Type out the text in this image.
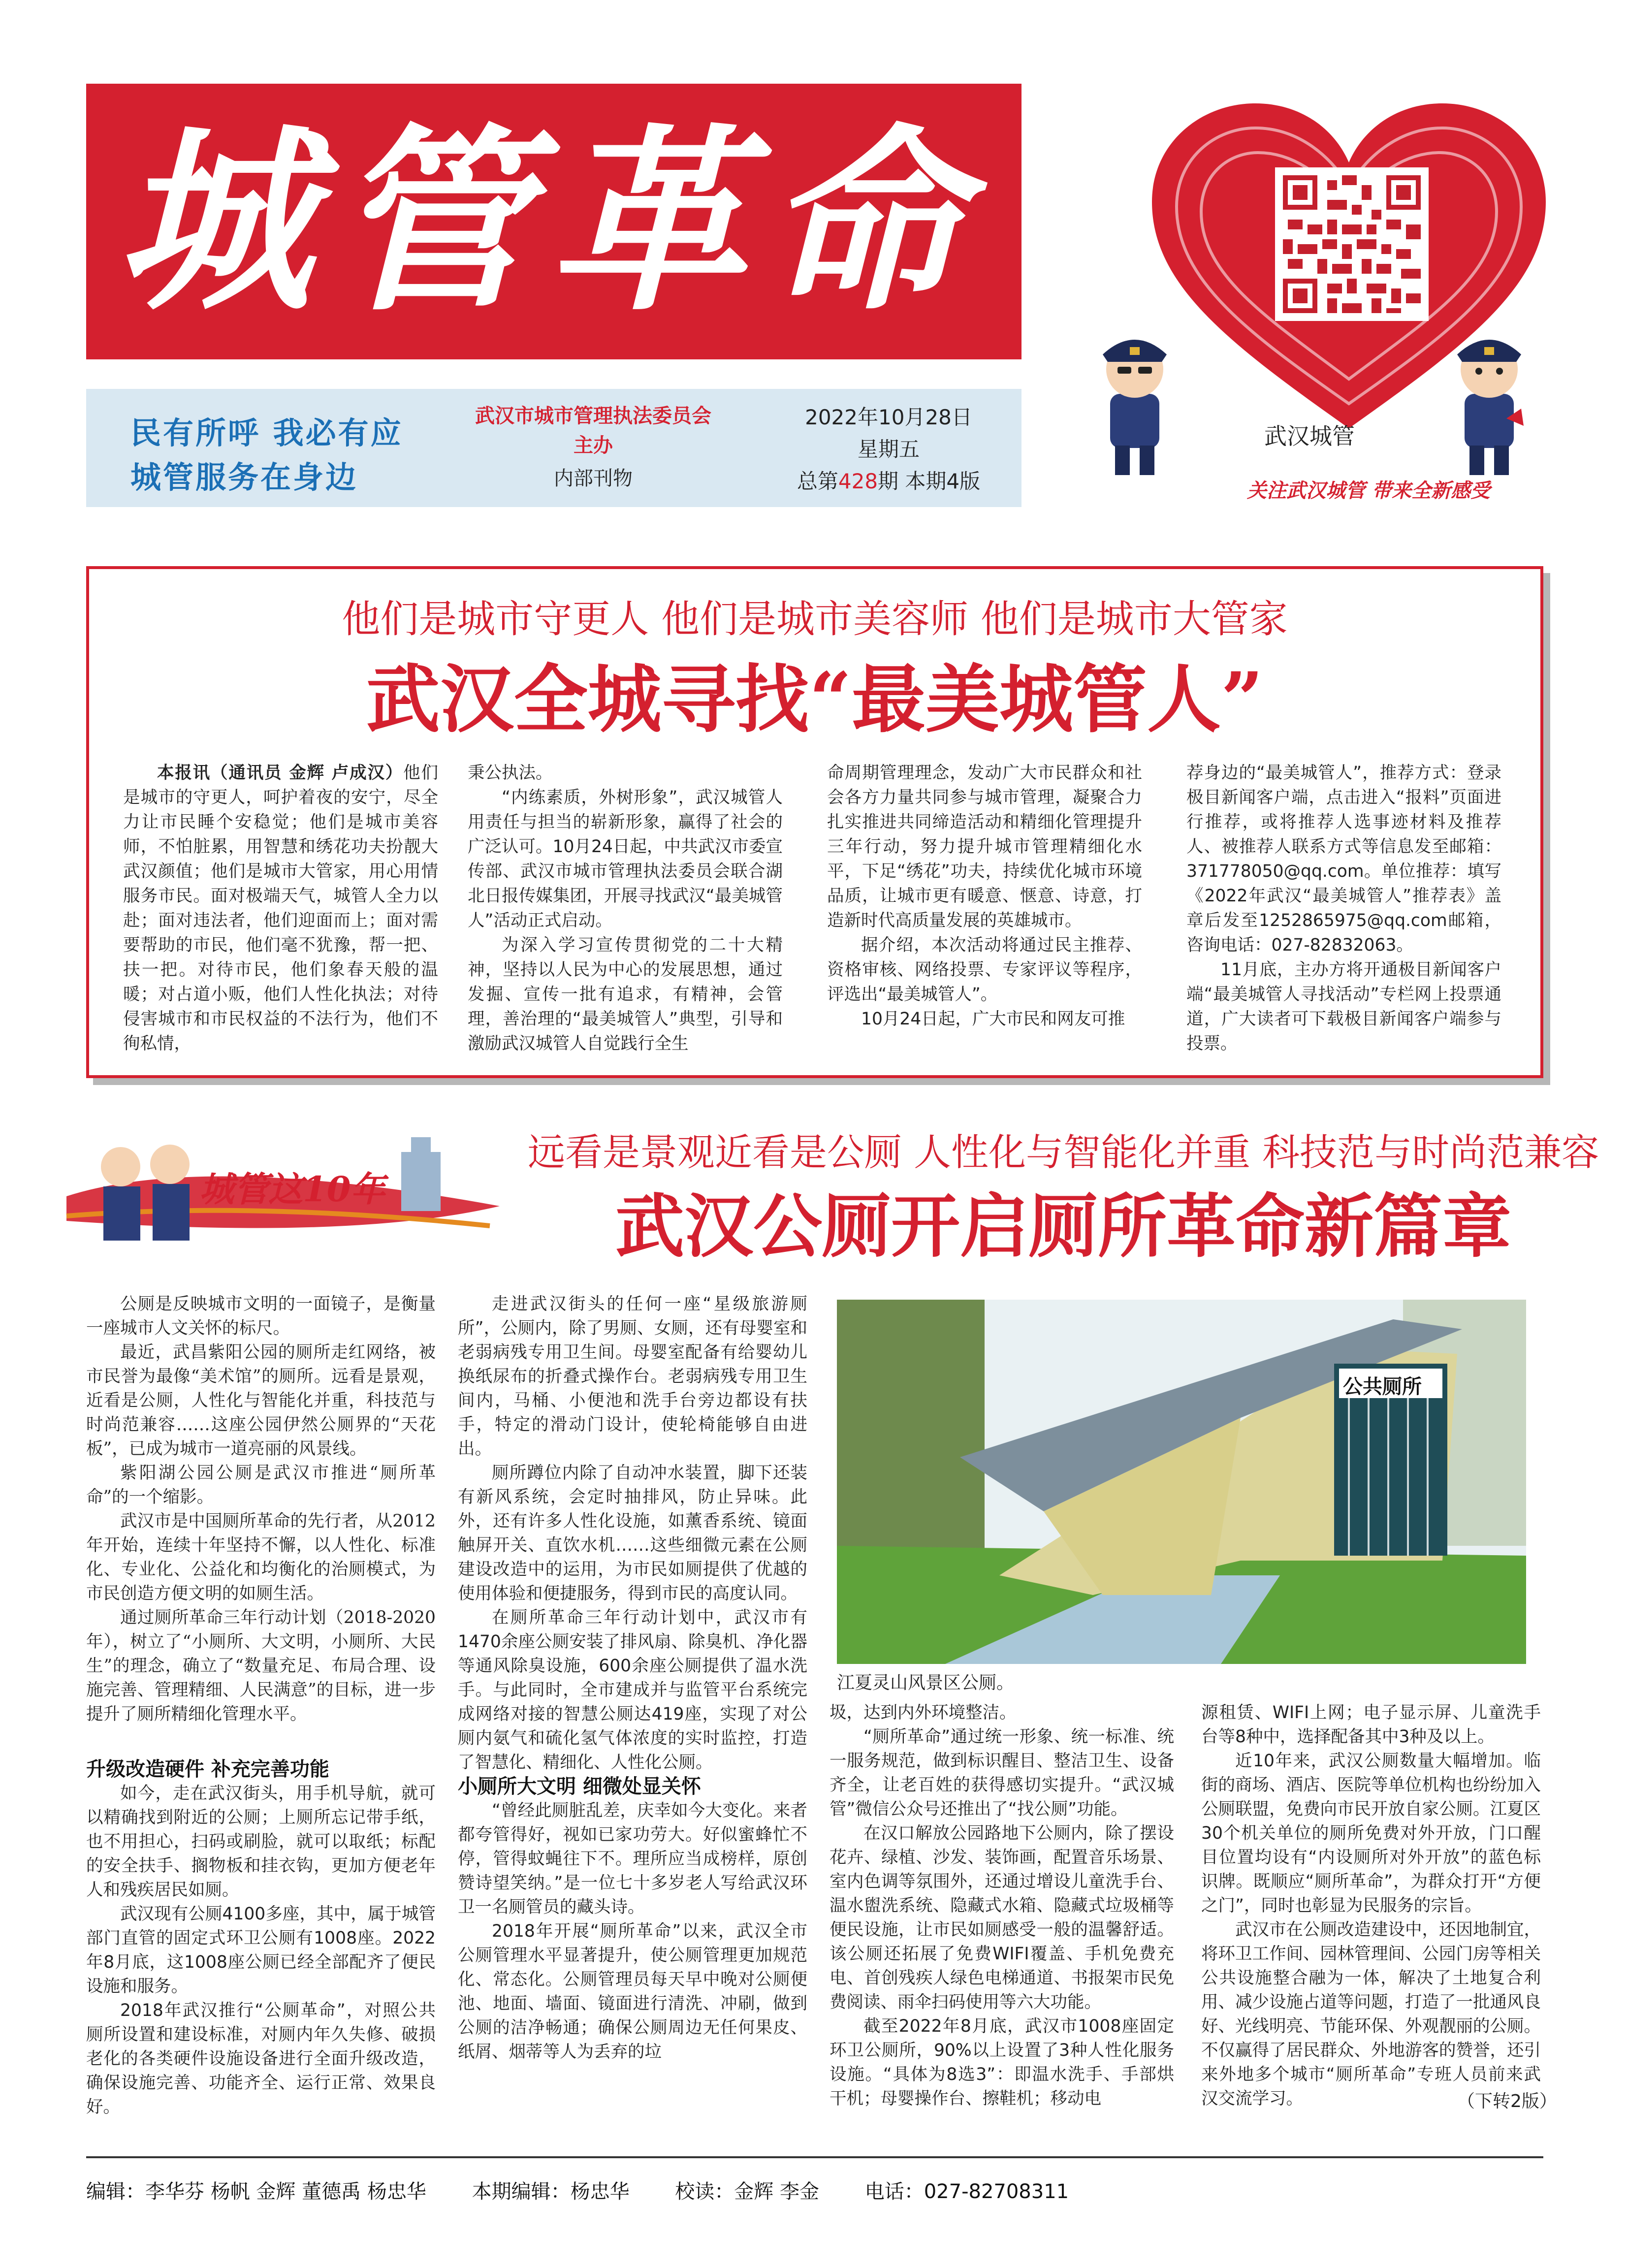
城管革命
民有所呼 我必有应
城管服务在身边
武汉市城市管理执法委员会
主办
内部刊物
2022年10月28日
星期五
总第428期 本期4版
武汉城管
关注武汉城管 带来全新感受
他们是城市守更人 他们是城市美容师 他们是城市大管家
武汉全城寻找“最美城管人”

本报讯（通讯员 金辉 卢成汉）他们是城市的守更人，呵护着夜的安宁，尽全力让市民睡个安稳觉；他们是城市美容师，不怕脏累，用智慧和绣花功夫扮靓大武汉颜值；他们是城市大管家，用心用情服务市民。面对极端天气，城管人全力以赴；面对违法者，他们迎面而上；面对需要帮助的市民，他们毫不犹豫，帮一把、扶一把。对待市民，他们象春天般的温暖；对占道小贩，他们人性化执法；对待侵害城市和市民权益的不法行为，他们不徇私情，

秉公执法。

“内练素质，外树形象”，武汉城管人用责任与担当的崭新形象，赢得了社会的广泛认可。10月24日起，中共武汉市委宣传部、武汉市城市管理执法委员会联合湖北日报传媒集团，开展寻找武汉“最美城管人”活动正式启动。

为深入学习宣传贯彻党的二十大精神，坚持以人民为中心的发展思想，通过发掘、宣传一批有追求，有精神，会管理，善治理的“最美城管人”典型，引导和激励武汉城管人自觉践行全生

命周期管理理念，发动广大市民群众和社会各方力量共同参与城市管理，凝聚合力扎实推进共同缔造活动和精细化管理提升三年行动，努力提升城市管理精细化水平，下足“绣花”功夫，持续优化城市环境品质，让城市更有暖意、惬意、诗意，打造新时代高质量发展的英雄城市。

据介绍，本次活动将通过民主推荐、资格审核、网络投票、专家评议等程序，评选出“最美城管人”。

10月24日起，广大市民和网友可推

荐身边的“最美城管人”，推荐方式：登录极目新闻客户端，点击进入“报料”页面进行推荐，或将推荐人选事迹材料及推荐人、被推荐人联系方式等信息发至邮箱：371778050@qq.com。单位推荐：填写《2022年武汉“最美城管人”推荐表》盖章后发至1252865975@qq.com邮箱，咨询电话：027-82832063。

11月底，主办方将开通极目新闻客户端“最美城管人寻找活动”专栏网上投票通道，广大读者可下载极目新闻客户端参与投票。

城管这10年
远看是景观近看是公厕 人性化与智能化并重 科技范与时尚范兼容
武汉公厕开启厕所革命新篇章

公厕是反映城市文明的一面镜子，是衡量一座城市人文关怀的标尺。

最近，武昌紫阳公园的厕所走红网络，被市民誉为最像“美术馆”的厕所。远看是景观，近看是公厕，人性化与智能化并重，科技范与时尚范兼容……这座公园伊然公厕界的“天花板”，已成为城市一道亮丽的风景线。

紫阳湖公园公厕是武汉市推进“厕所革命”的一个缩影。

武汉市是中国厕所革命的先行者，从2012年开始，连续十年坚持不懈，以人性化、标准化、专业化、公益化和均衡化的治厕模式，为市民创造方便文明的如厕生活。

通过厕所革命三年行动计划（2018-2020年），树立了“小厕所、大文明，小厕所、大民生”的理念，确立了“数量充足、布局合理、设施完善、管理精细、人民满意”的目标，进一步提升了厕所精细化管理水平。

升级改造硬件 补充完善功能

如今，走在武汉街头，用手机导航，就可以精确找到附近的公厕；上厕所忘记带手纸，也不用担心，扫码或刷脸，就可以取纸；标配的安全扶手、搁物板和挂衣钩，更加方便老年人和残疾居民如厕。

武汉现有公厕4100多座，其中，属于城管部门直管的固定式环卫公厕有1008座。2022年8月底，这1008座公厕已经全部配齐了便民设施和服务。

2018年武汉推行“公厕革命”，对照公共厕所设置和建设标准，对厕内年久失修、破损老化的各类硬件设施设备进行全面升级改造，确保设施完善、功能齐全、运行正常、效果良好。

走进武汉街头的任何一座“星级旅游厕所”，公厕内，除了男厕、女厕，还有母婴室和老弱病残专用卫生间。母婴室配备有给婴幼儿换纸尿布的折叠式操作台。老弱病残专用卫生间内，马桶、小便池和洗手台旁边都设有扶手，特定的滑动门设计，使轮椅能够自由进出。

厕所蹲位内除了自动冲水装置，脚下还装有新风系统，会定时抽排风，防止异味。此外，还有许多人性化设施，如薰香系统、镜面触屏开关、直饮水机……这些细微元素在公厕建设改造中的运用，为市民如厕提供了优越的使用体验和便捷服务，得到市民的高度认同。

在厕所革命三年行动计划中，武汉市有1470余座公厕安装了排风扇、除臭机、净化器等通风除臭设施，600余座公厕提供了温水洗手。与此同时，全市建成并与监管平台系统完成网络对接的智慧公厕达419座，实现了对公厕内氨气和硫化氢气体浓度的实时监控，打造了智慧化、精细化、人性化公厕。

小厕所大文明 细微处显关怀

“曾经此厕脏乱差，庆幸如今大变化。来者都夸管得好，视如已家功劳大。好似蜜蜂忙不停，管得蚊蝇往下不。理所应当成榜样，原创赞诗望笑纳。”是一位七十多岁老人写给武汉环卫一名厕管员的藏头诗。

2018年开展“厕所革命”以来，武汉全市公厕管理水平显著提升，使公厕管理更加规范化、常态化。公厕管理员每天早中晚对公厕便池、地面、墙面、镜面进行清洗、冲刷，做到公厕的洁净畅通；确保公厕周边无任何果皮、纸屑、烟蒂等人为丢弃的垃

公共厕所
江夏灵山风景区公厕。

圾，达到内外环境整洁。

“厕所革命”通过统一形象、统一标准、统一服务规范，做到标识醒目、整洁卫生、设备齐全，让老百姓的获得感切实提升。“武汉城管”微信公众号还推出了“找公厕”功能。

在汉口解放公园路地下公厕内，除了摆设花卉、绿植、沙发、装饰画，配置音乐场景、室内色调等氛围外，还通过增设儿童洗手台、温水盥洗系统、隐藏式水箱、隐藏式垃圾桶等便民设施，让市民如厕感受一般的温馨舒适。该公厕还拓展了免费WIFI覆盖、手机免费充电、首创残疾人绿色电梯通道、书报架市民免费阅读、雨伞扫码使用等六大功能。

截至2022年8月底，武汉市1008座固定环卫公厕所，90%以上设置了3种人性化服务设施。“具体为8选3”：即温水洗手、手部烘干机；母婴操作台、擦鞋机；移动电

源租赁、WIFI上网；电子显示屏、儿童洗手台等8种中，选择配备其中3种及以上。

近10年来，武汉公厕数量大幅增加。临街的商场、酒店、医院等单位机构也纷纷加入公厕联盟，免费向市民开放自家公厕。江夏区30个机关单位的厕所免费对外开放，门口醒目位置均设有“内设厕所对外开放”的蓝色标识牌。既顺应“厕所革命”，为群众打开“方便之门”，同时也彰显为民服务的宗旨。

武汉市在公厕改造建设中，还因地制宜，将环卫工作间、园林管理间、公园门房等相关公共设施整合融为一体，解决了土地复合利用、减少设施占道等问题，打造了一批通风良好、光线明亮、节能环保、外观靓丽的公厕。不仅赢得了居民群众、外地游客的赞誉，还引来外地多个城市“厕所革命”专班人员前来武汉交流学习。	（下转2版）
编辑：李华芬 杨帆 金辉 董德禹 杨忠华 本期编辑：杨忠华 校读：金辉 李金 电话：027-82708311
